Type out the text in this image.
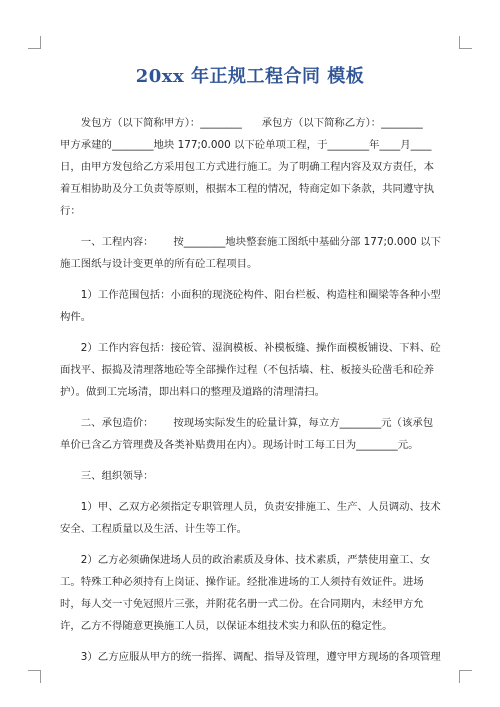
20xx 年正规工程合同 模板

发包方（以下简称甲方）：________      承包方（以下简称乙方）：________

甲方承建的________地块 177;0.000 以下砼单项工程，于________年____月____日，由甲方发包给乙方采用包工方式进行施工。为了明确工程内容及双方责任，本着互相协助及分工负责等原则，根据本工程的情况，特商定如下条款，共同遵守执行：

一、工程内容：      按________地块整套施工图纸中基础分部 177;0.000 以下施工图纸与设计变更单的所有砼工程项目。

1）工作范围包括：小面积的现浇砼构件、阳台栏板、构造柱和圈梁等各种小型构件。

2）工作内容包括：接砼管、湿润模板、补模板缝、操作面模板铺设、下料、砼面找平、振捣及清理落地砼等全部操作过程（不包括墙、柱、板接头砼凿毛和砼养护）。做到工完场清，即出料口的整理及道路的清理清扫。

二、承包造价：      按现场实际发生的砼量计算，每立方________元（该承包单价已含乙方管理费及各类补贴费用在内）。现场计时工每工日为________元。

三、组织领导：

1）甲、乙双方必须指定专职管理人员，负责安排施工、生产、人员调动、技术安全、工程质量以及生活、计生等工作。

2）乙方必须确保进场人员的政治素质及身体、技术素质，严禁使用童工、女工。特殊工种必须持有上岗证、操作证。经批准进场的工人须持有效证件。进场时，每人交一寸免冠照片三张，并附花名册一式二份。在合同期内，未经甲方允许，乙方不得随意更换施工人员，以保证本组技术实力和队伍的稳定性。

3）乙方应服从甲方的统一指挥、调配、指导及管理，遵守甲方现场的各项管理
